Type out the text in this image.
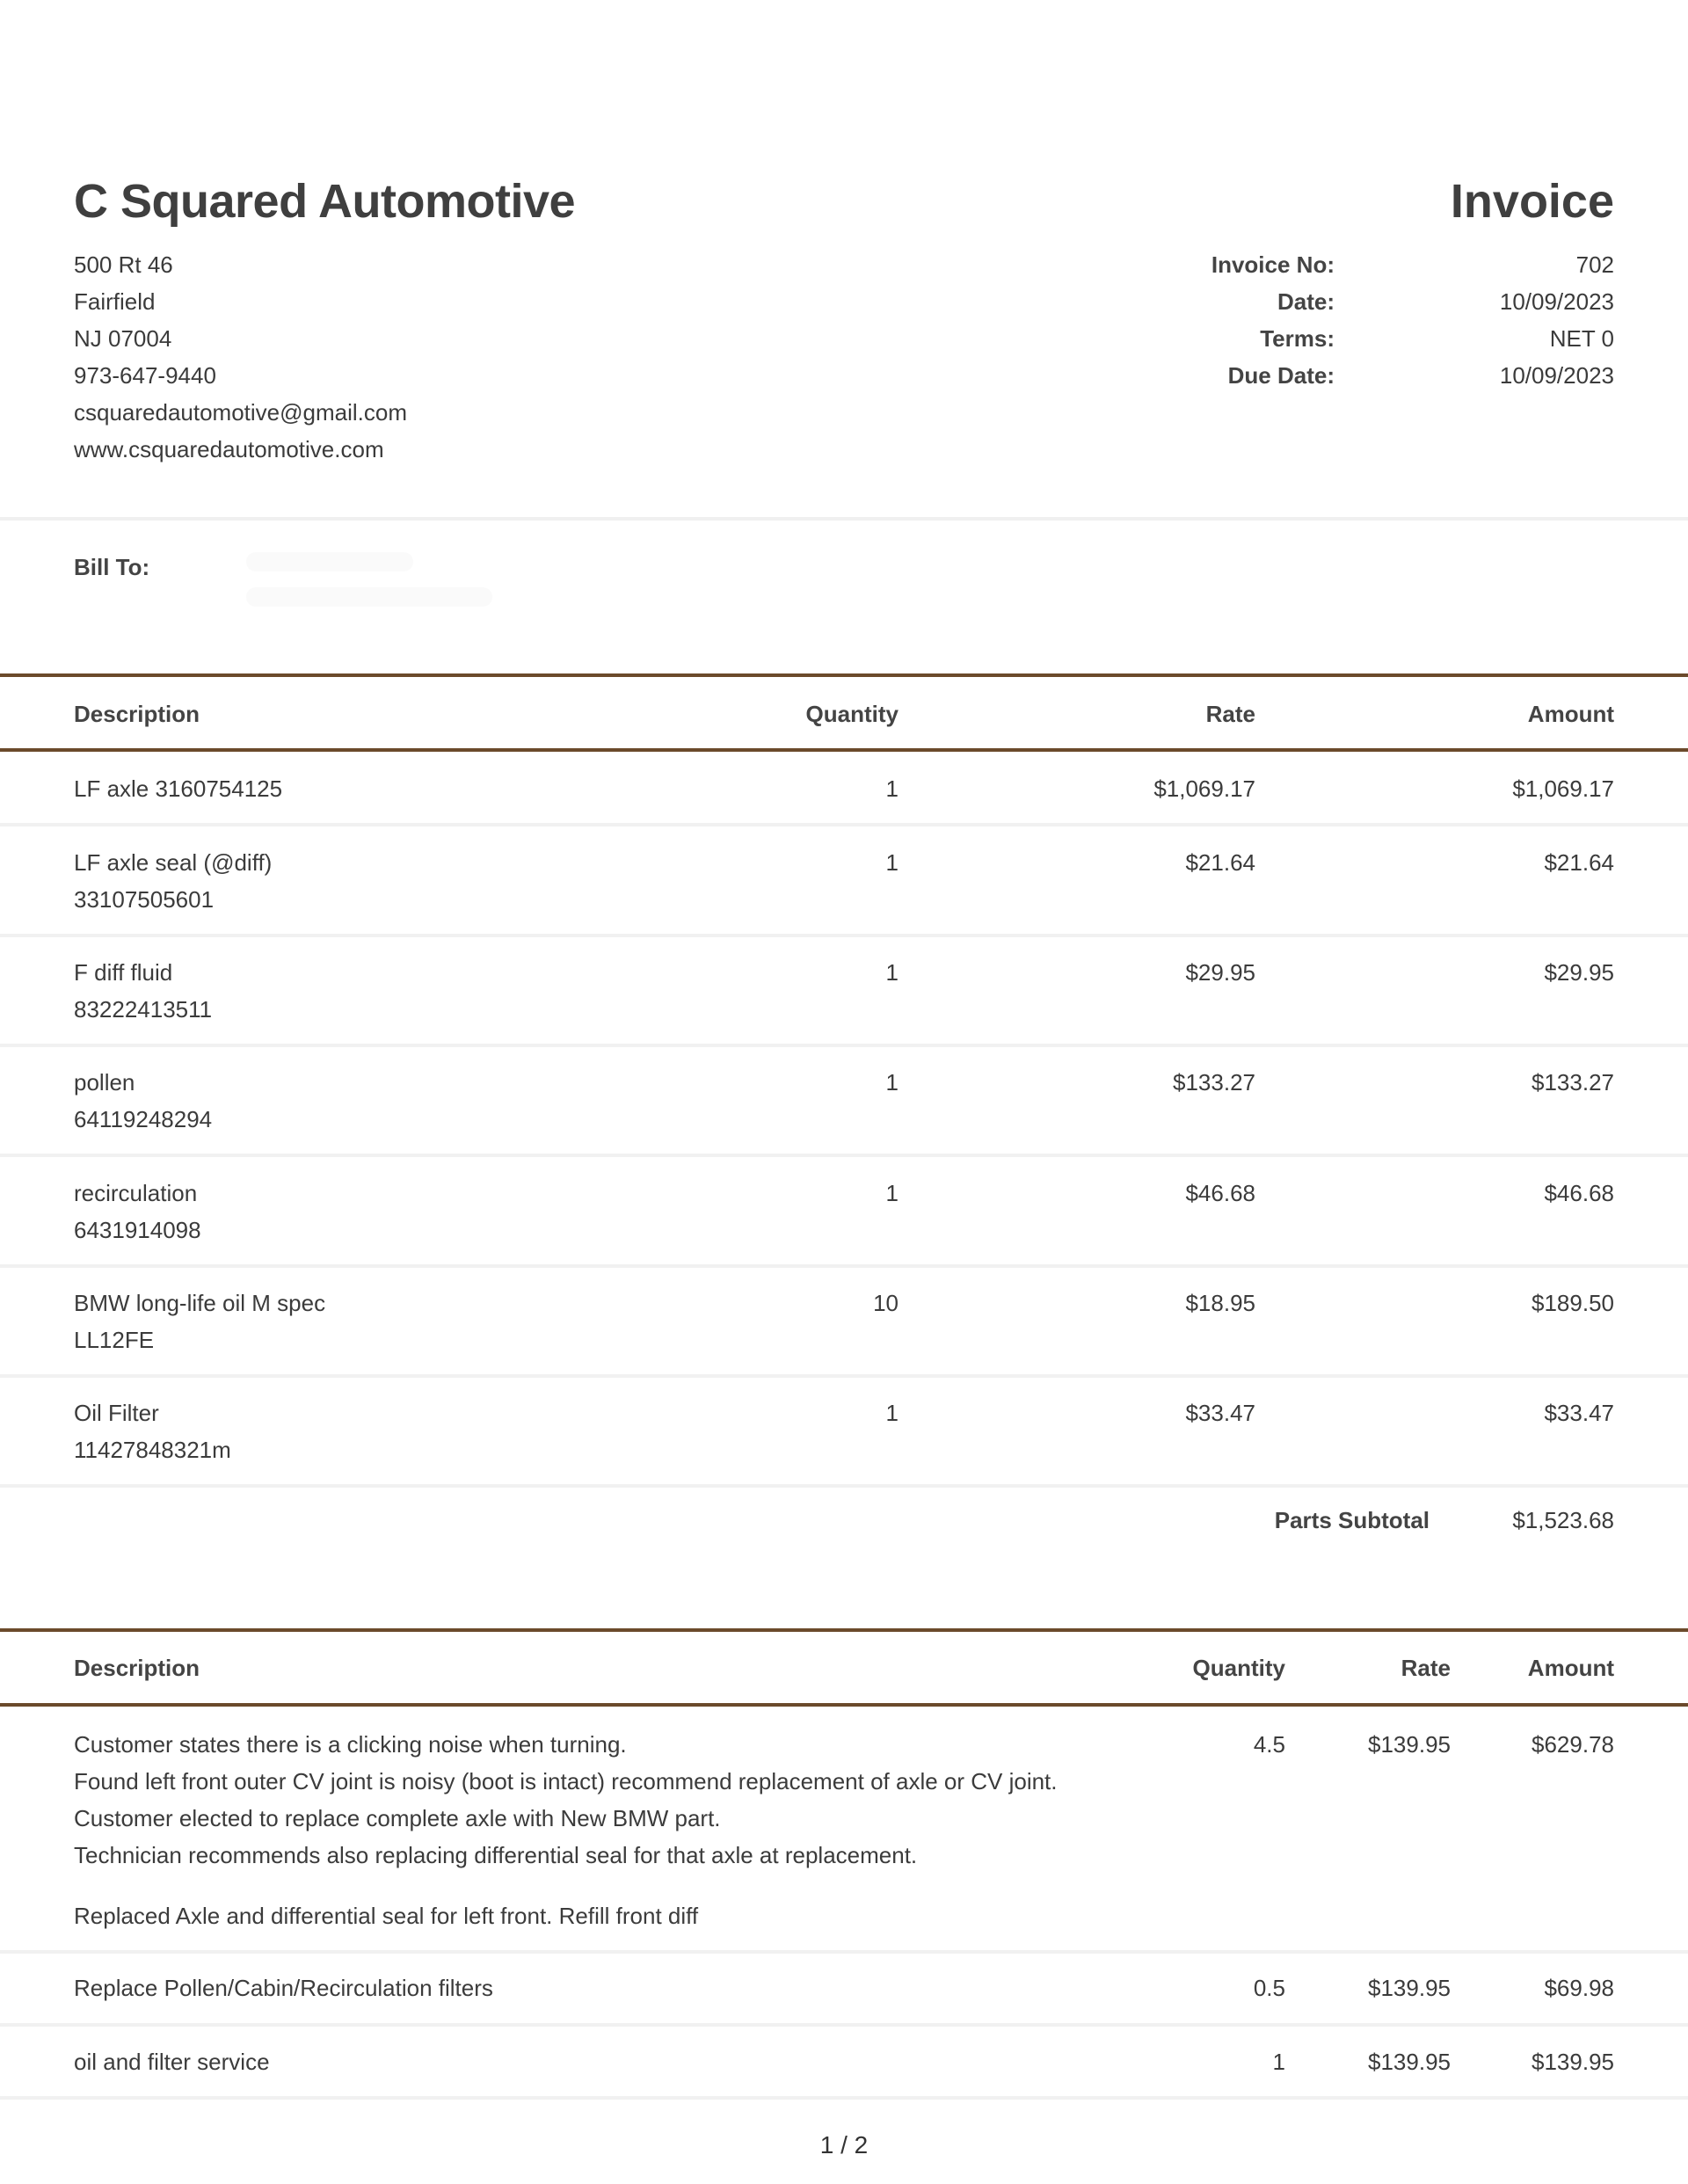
C Squared Automotive	Invoice
500 Rt 46
Fairfield
NJ 07004
973-647-9440
csquaredautomotive@gmail.com
www.csquaredautomotive.com
Invoice No:	702
Date:	10/09/2023
Terms:	NET 0
Due Date:	10/09/2023
Bill To:
Description	Quantity	Rate	Amount
LF axle 3160754125	1	$1,069.17	$1,069.17
LF axle seal (@diff)
33107505601
1	$21.64	$21.64
F diff fluid
83222413511
1	$29.95	$29.95
pollen
64119248294
1	$133.27	$133.27
recirculation
6431914098
1	$46.68	$46.68
BMW long-life oil M spec
LL12FE
10	$18.95	$189.50
Oil Filter
11427848321m
1	$33.47	$33.47
Parts Subtotal	$1,523.68
Description	Quantity	Rate	Amount
Customer states there is a clicking noise when turning.
Found left front outer CV joint is noisy (boot is intact) recommend replacement of axle or CV joint.
Customer elected to replace complete axle with New BMW part.
Technician recommends also replacing differential seal for that axle at replacement.
Replaced Axle and differential seal for left front. Refill front diff
4.5	$139.95	$629.78
Replace Pollen/Cabin/Recirculation filters	0.5	$139.95	$69.98
oil and filter service	1	$139.95	$139.95
1 / 2
